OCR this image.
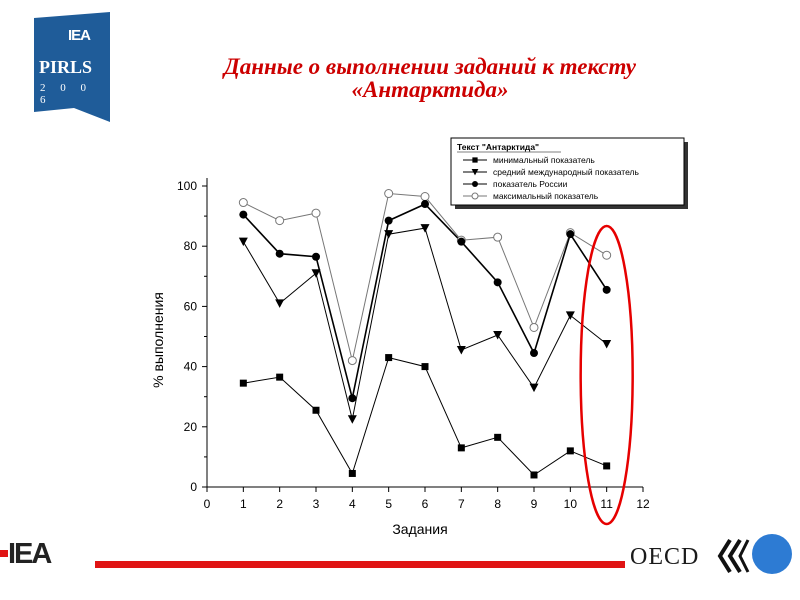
IEA
PIRLS
2 0 0 6
Данные о выполнении заданий к тексту
«Антарктида»
0 1 2 3 4 5 6 7 8 9 10 11 12
0
20
40
60
80
100
Задания
% выполнения
Текст "Антарктида"
минимальный показатель
средний международный показатель
показатель России
максимальный показатель
IEA	OECD
